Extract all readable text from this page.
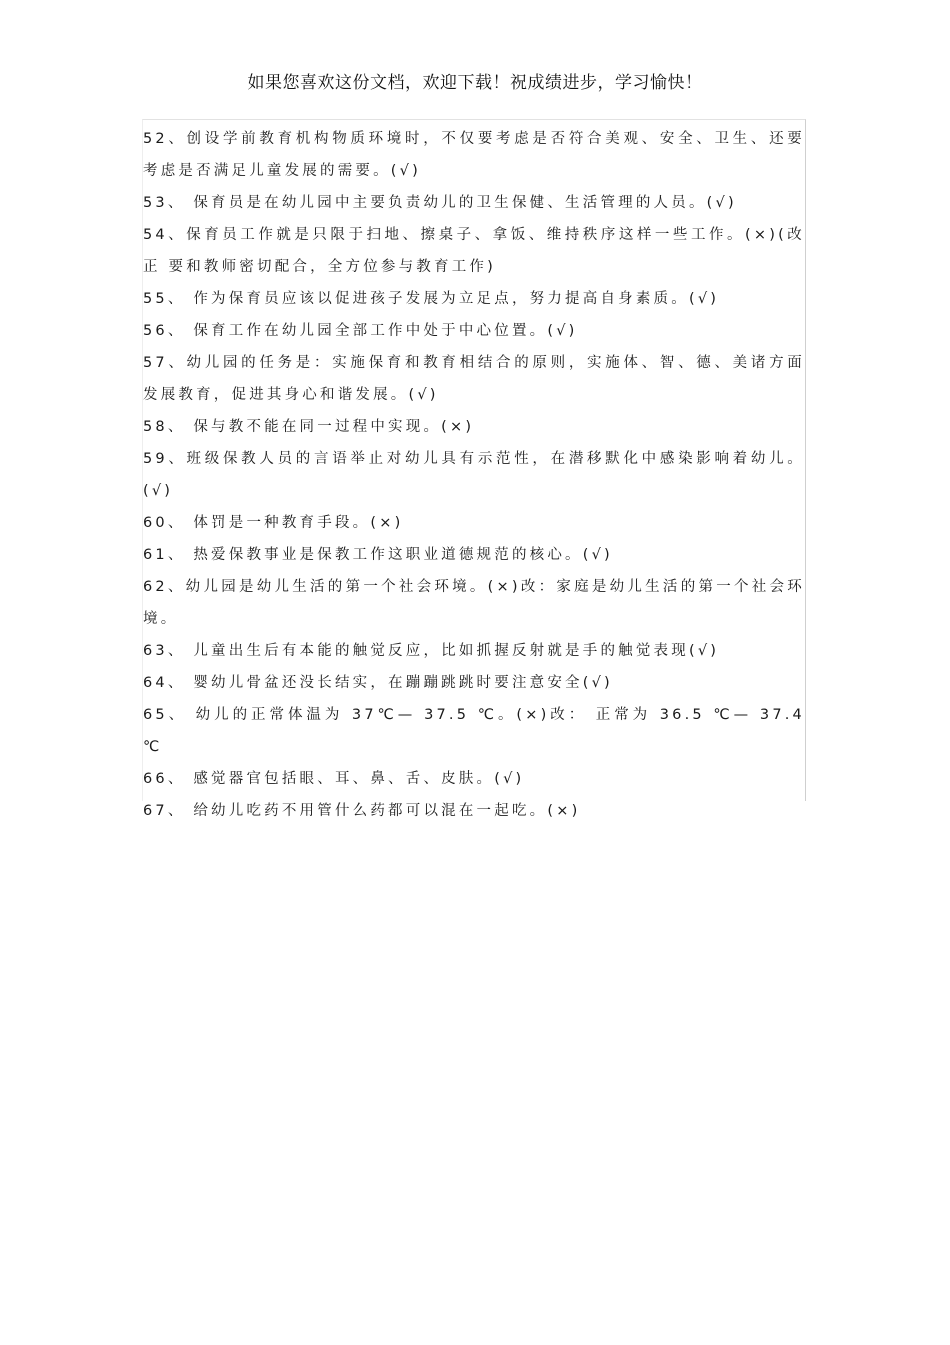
如果您喜欢这份文档，欢迎下载！祝成绩进步，学习愉快！
52、创设学前教育机构物质环境时，不仅要考虑是否符合美观、安全、卫生、还要考虑是否满足儿童发展的需要。(√)
53、 保育员是在幼儿园中主要负责幼儿的卫生保健、生活管理的人员。(√)
54、保育员工作就是只限于扫地、擦桌子、拿饭、维持秩序这样一些工作。(×)(改正 要和教师密切配合，全方位参与教育工作)
55、 作为保育员应该以促进孩子发展为立足点，努力提高自身素质。(√)
56、 保育工作在幼儿园全部工作中处于中心位置。(√)
57、幼儿园的任务是：实施保育和教育相结合的原则，实施体、智、德、美诸方面发展教育，促进其身心和谐发展。(√)
58、 保与教不能在同一过程中实现。(×)
59、班级保教人员的言语举止对幼儿具有示范性，在潜移默化中感染影响着幼儿。(√)
60、 体罚是一种教育手段。(×)
61、 热爱保教事业是保教工作这职业道德规范的核心。(√)
62、幼儿园是幼儿生活的第一个社会环境。(×)改：家庭是幼儿生活的第一个社会环境。
63、 儿童出生后有本能的触觉反应，比如抓握反射就是手的触觉表现(√)
64、 婴幼儿骨盆还没长结实，在蹦蹦跳跳时要注意安全(√)
65、 幼儿的正常体温为 37℃— 37.5 ℃。(×)改： 正常为 36.5 ℃— 37.4 ℃
66、 感觉器官包括眼、耳、鼻、舌、皮肤。(√)
67、 给幼儿吃药不用管什么药都可以混在一起吃。(×)
